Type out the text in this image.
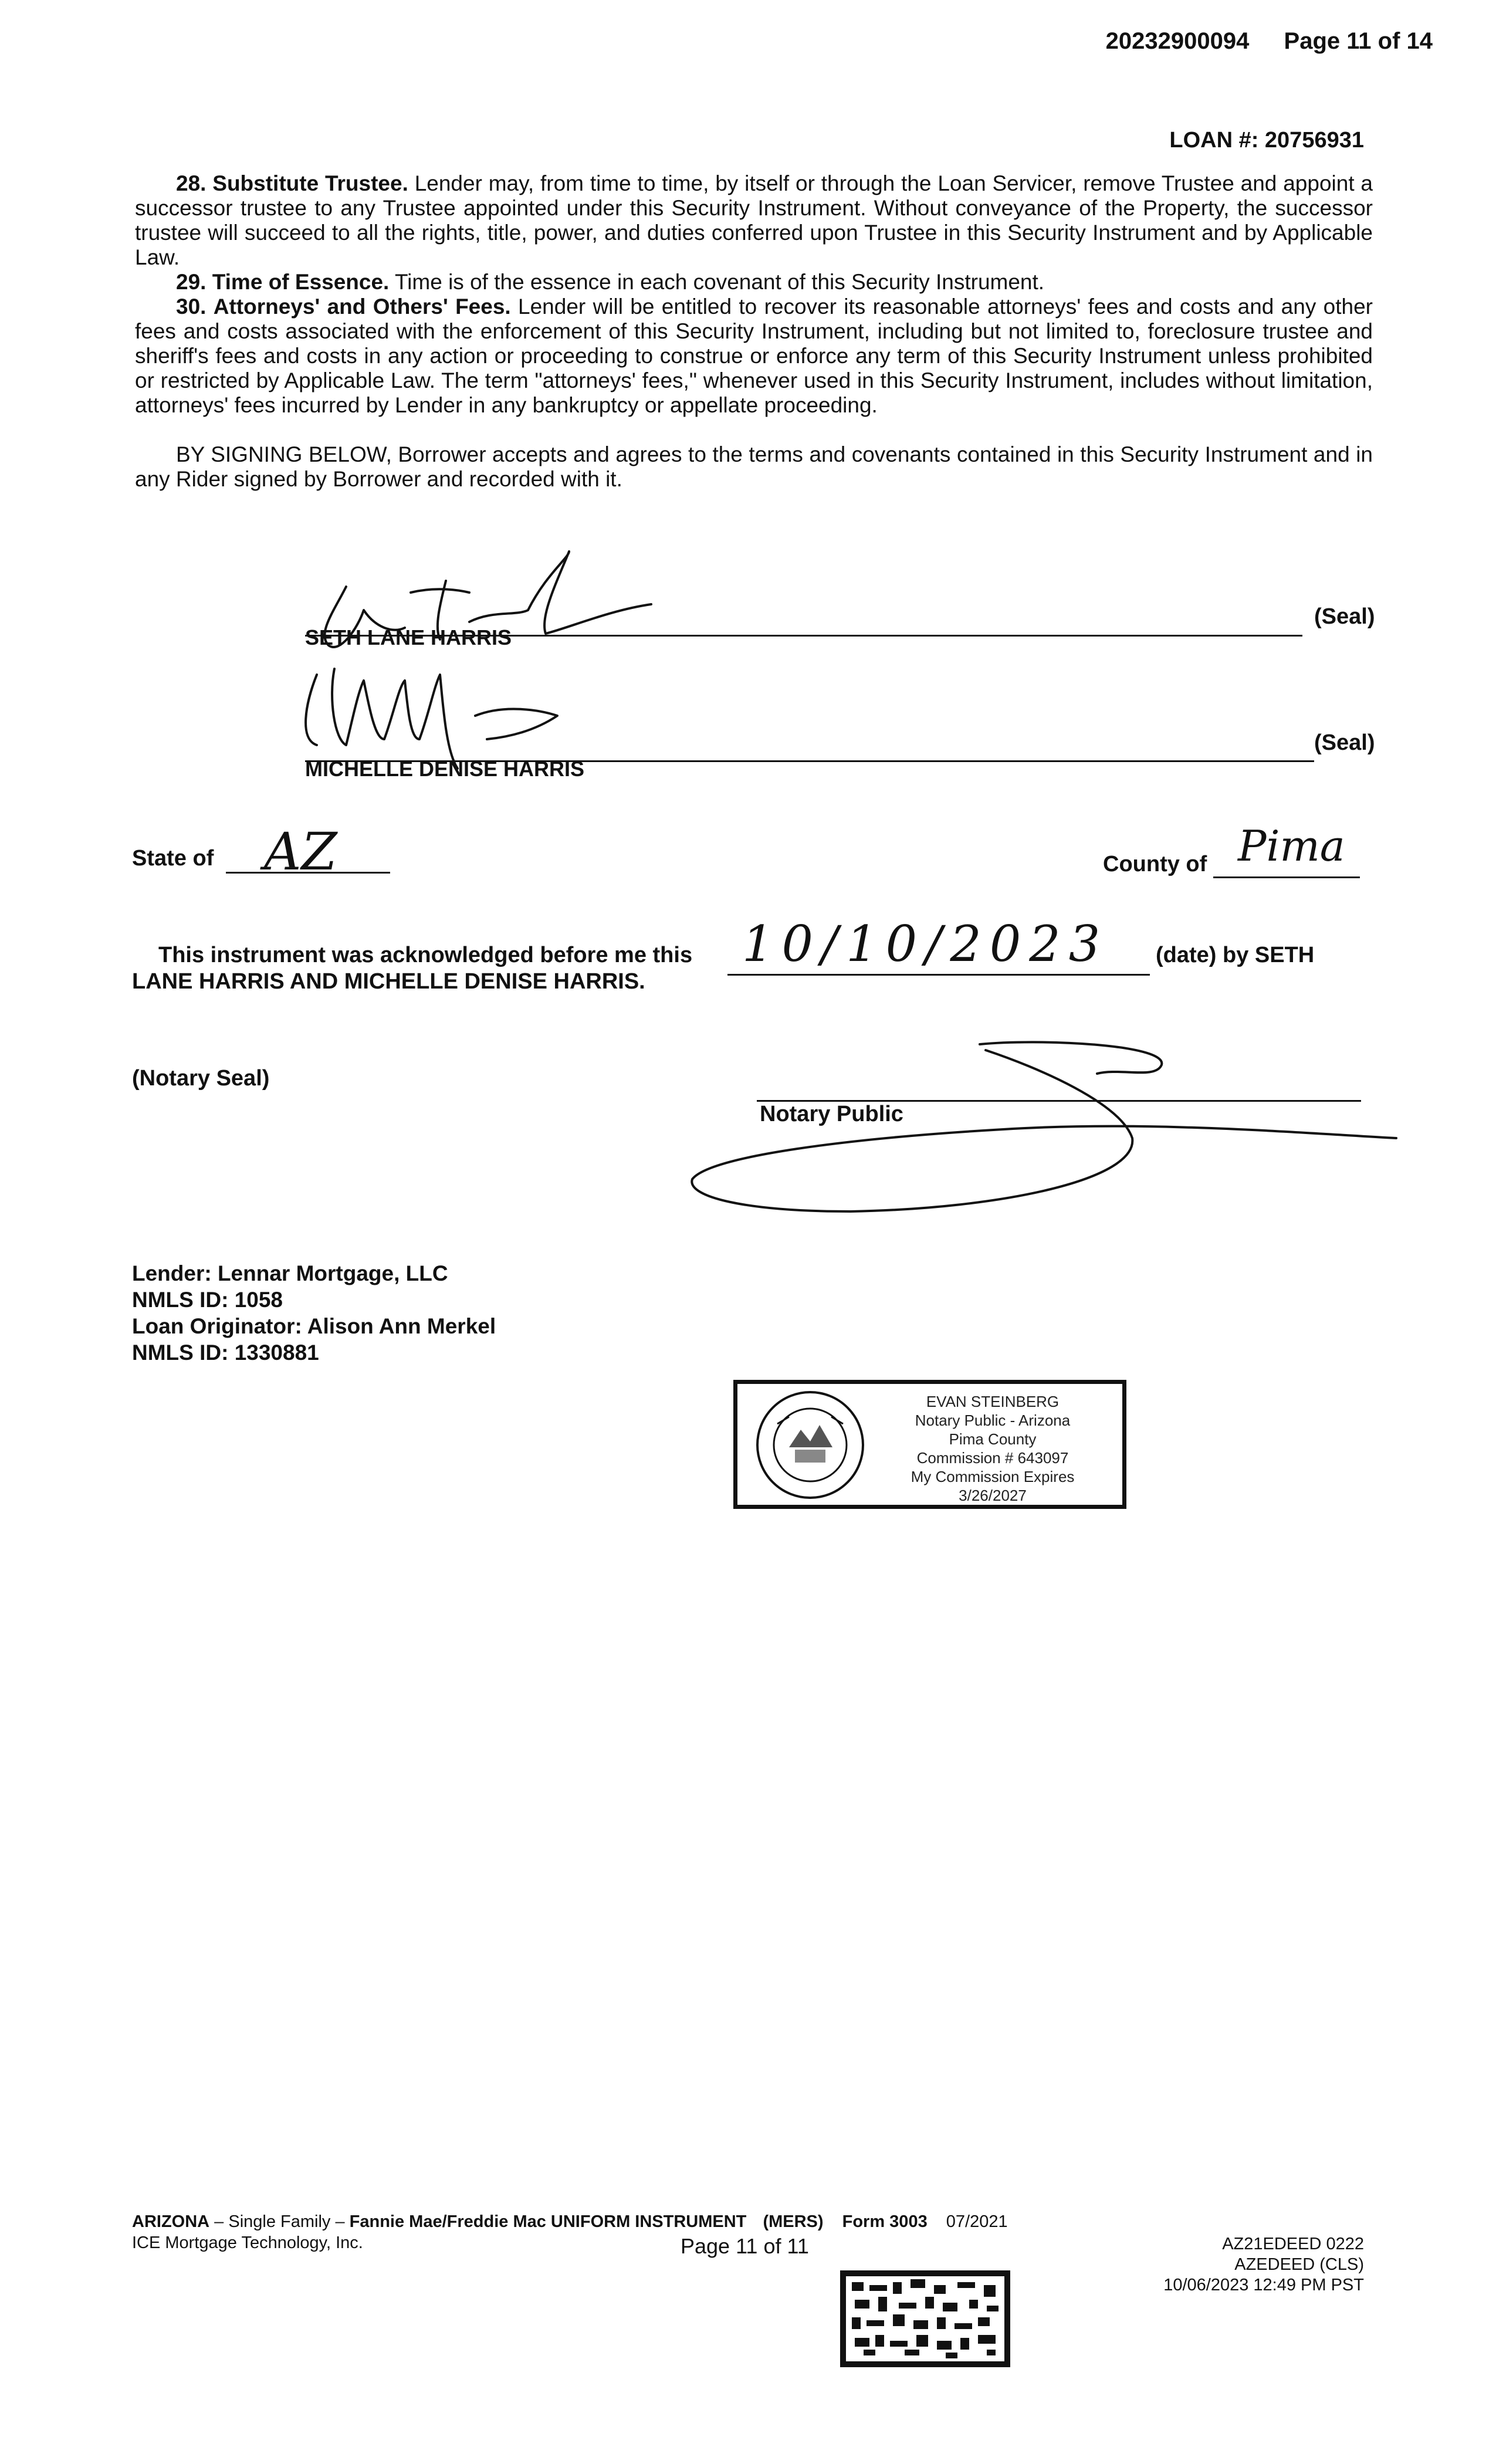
20232900094 Page 11 of 14
LOAN #: 20756931

28. Substitute Trustee. Lender may, from time to time, by itself or through the Loan Servicer, remove Trustee and appoint a successor trustee to any Trustee appointed under this Security Instrument. Without conveyance of the Property, the successor trustee will succeed to all the rights, title, power, and duties conferred upon Trustee in this Security Instrument and by Applicable Law.

29. Time of Essence. Time is of the essence in each covenant of this Security Instrument.

30. Attorneys' and Others' Fees. Lender will be entitled to recover its reasonable attorneys' fees and costs and any other fees and costs associated with the enforcement of this Security Instrument, including but not limited to, foreclosure trustee and sheriff's fees and costs in any action or proceeding to construe or enforce any term of this Security Instrument unless prohibited or restricted by Applicable Law. The term "attorneys' fees," whenever used in this Security Instrument, includes without limitation, attorneys' fees incurred by Lender in any bankruptcy or appellate proceeding.

BY SIGNING BELOW, Borrower accepts and agrees to the terms and covenants contained in this Security Instrument and in any Rider signed by Borrower and recorded with it.

(Seal)
SETH LANE HARRIS
(Seal)
MICHELLE DENISE HARRIS
State of AZ	County of Pima
This instrument was acknowledged before me this 10/10/2023 (date) by SETH
LANE HARRIS AND MICHELLE DENISE HARRIS.
(Notary Seal)
Notary Public
Lender: Lennar Mortgage, LLC
NMLS ID: 1058
Loan Originator: Alison Ann Merkel
NMLS ID: 1330881
EVAN STEINBERG
Notary Public - Arizona
Pima County
Commission # 643097
My Commission Expires
3/26/2027
ARIZONA – Single Family – Fannie Mae/Freddie Mac UNIFORM INSTRUMENT (MERS) Form 3003 07/2021
ICE Mortgage Technology, Inc.	Page 11 of 11	AZ21EDEED 0222
AZEDEED (CLS)
10/06/2023 12:49 PM PST
